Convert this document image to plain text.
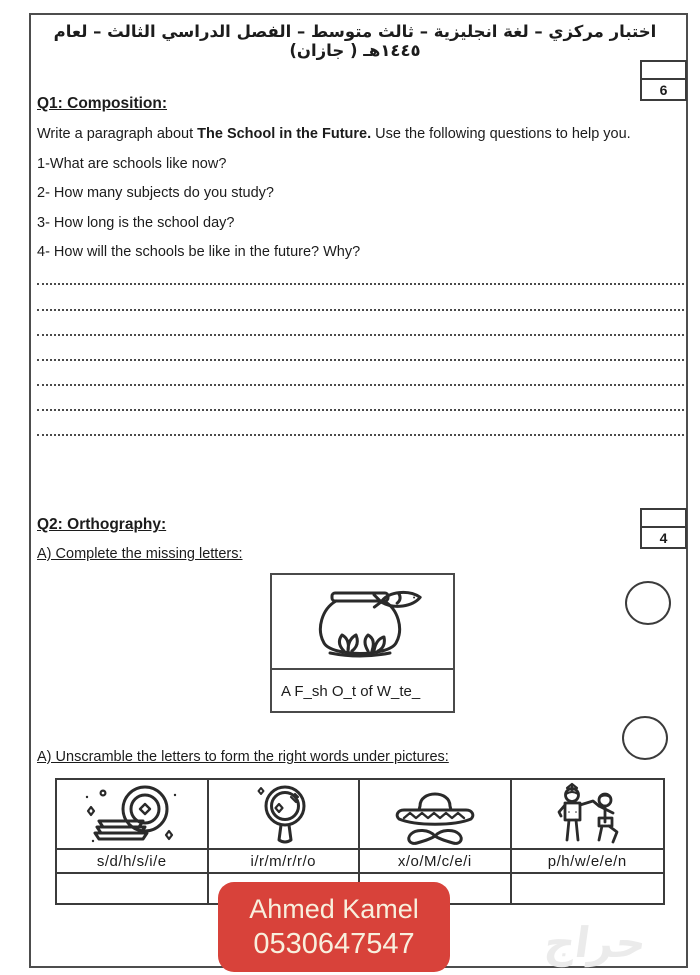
اختبار مركزي – لغة انجليزية – ثالث متوسط – الفصل الدراسي الثالث – لعام ١٤٤٥هـ ( جازان)
6
Q1: Composition:
Write a paragraph about The School in the Future. Use the following questions to help you.
1-What are schools like now?
2- How many subjects do you study?
3- How long is the school day?
4- How will the schools be like in the future? Why?
4
Q2: Orthography:
A) Complete the missing letters:
A F_sh O_t of W_te_
A) Unscramble the letters to form the right words under pictures:
s/d/h/s/i/e	i/r/m/r/r/o	x/o/M/c/e/i	p/h/w/e/e/n
حراج
Ahmed Kamel
0530647547
